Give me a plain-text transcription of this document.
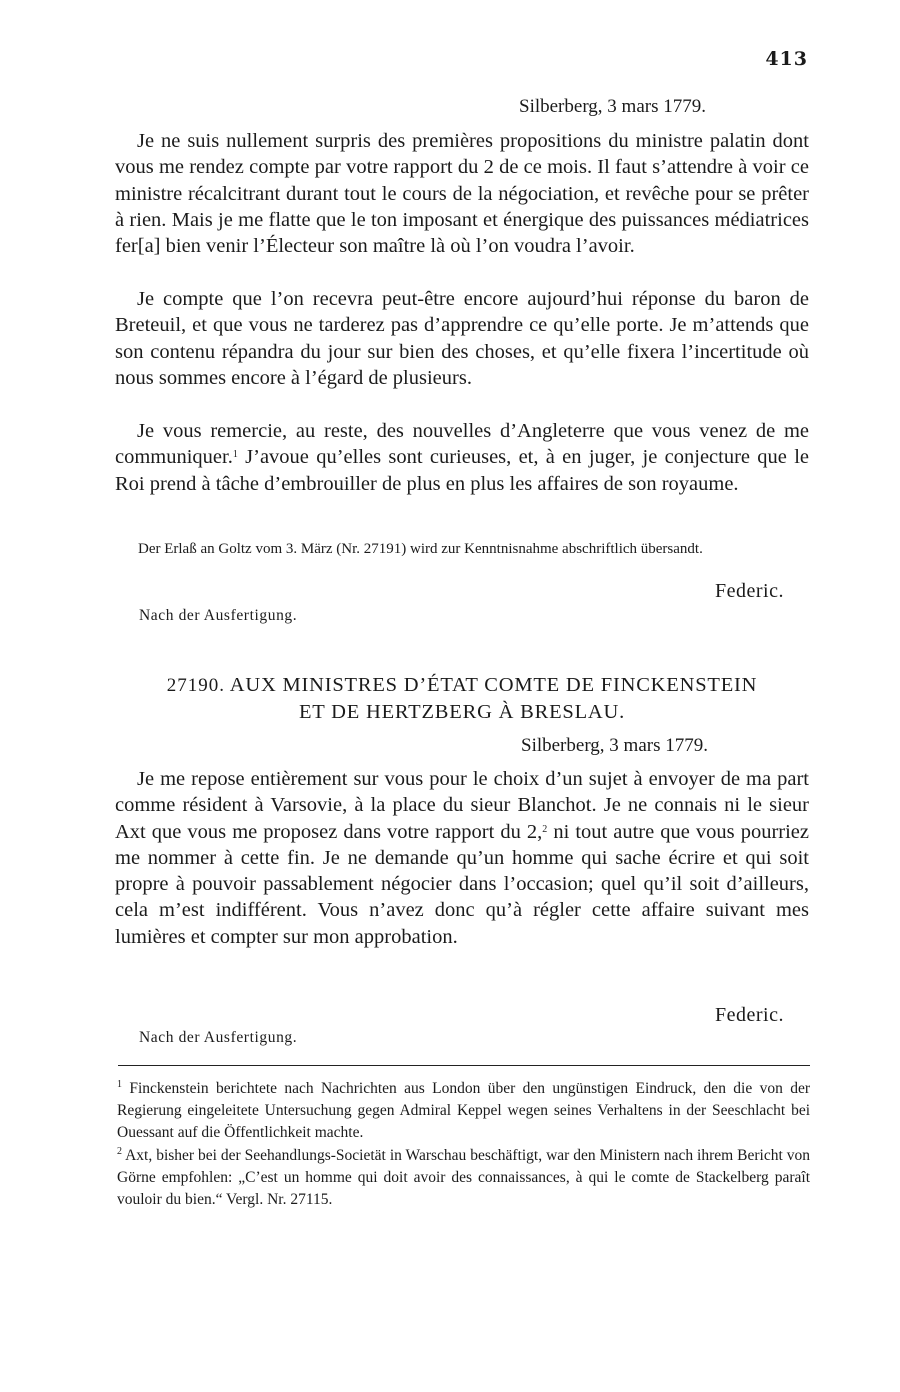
413
Silberberg, 3 mars 1779.

Je ne suis nullement surpris des premières propositions du ministre palatin dont vous me rendez compte par votre rapport du 2 de ce mois. Il faut s’attendre à voir ce ministre récalcitrant durant tout le cours de la négociation, et revêche pour se prêter à rien. Mais je me flatte que le ton imposant et énergique des puissances médiatrices fer[a] bien venir l’Électeur son maître là où l’on voudra l’avoir.

Je compte que l’on recevra peut-être encore aujourd’hui réponse du baron de Breteuil, et que vous ne tarderez pas d’apprendre ce qu’elle porte. Je m’attends que son contenu répandra du jour sur bien des choses, et qu’elle fixera l’incertitude où nous sommes encore à l’égard de plusieurs.

Je vous remercie, au reste, des nouvelles d’Angleterre que vous venez de me communiquer.$^1$ J’avoue qu’elles sont curieuses, et, à en juger, je conjecture que le Roi prend à tâche d’embrouiller de plus en plus les affaires de son royaume.

Der Erlaß an Goltz vom 3. März (Nr. 27191) wird zur Kenntnisnahme abschriftlich übersandt.

Federic.
Nach der Ausfertigung.
27190. AUX MINISTRES D’ÉTAT COMTE DE FINCKENSTEIN
ET DE HERTZBERG À BRESLAU.
Silberberg, 3 mars 1779.

Je me repose entièrement sur vous pour le choix d’un sujet à envoyer de ma part comme résident à Varsovie, à la place du sieur Blanchot. Je ne connais ni le sieur Axt que vous me proposez dans votre rapport du 2,$^2$ ni tout autre que vous pourriez me nommer à cette fin. Je ne demande qu’un homme qui sache écrire et qui soit propre à pouvoir passablement négocier dans l’occasion; quel qu’il soit d’ailleurs, cela m’est indifférent. Vous n’avez donc qu’à régler cette affaire suivant mes lumières et compter sur mon approbation.

Federic.
Nach der Ausfertigung.

$^1$ Finckenstein berichtete nach Nachrichten aus London über den ungünstigen Eindruck, den die von der Regierung eingeleitete Untersuchung gegen Admiral Keppel wegen seines Verhaltens in der Seeschlacht bei Ouessant auf die Öffentlichkeit machte.

$^2$ Axt, bisher bei der Seehandlungs-Societät in Warschau beschäftigt, war den Ministern nach ihrem Bericht von Görne empfohlen: „C’est un homme qui doit avoir des connaissances, à qui le comte de Stackelberg paraît vouloir du bien.“ Vergl. Nr. 27115.
